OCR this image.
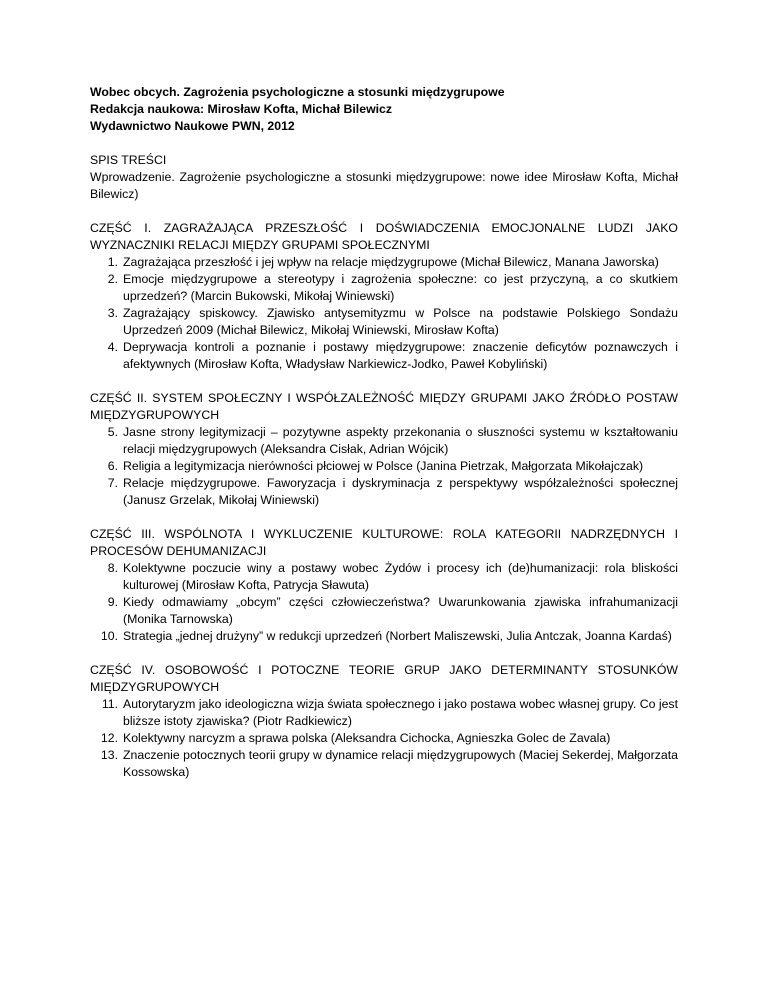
Wobec obcych. Zagrożenia psychologiczne a stosunki międzygrupowe
Redakcja naukowa: Mirosław Kofta, Michał Bilewicz
Wydawnictwo Naukowe PWN, 2012
SPIS TREŚCI
Wprowadzenie. Zagrożenie psychologiczne a stosunki międzygrupowe: nowe idee Mirosław Kofta, Michał Bilewicz)
CZĘŚĆ I. ZAGRAŻAJĄCA PRZESZŁOŚĆ I DOŚWIADCZENIA EMOCJONALNE LUDZI JAKO WYZNACZNIKI RELACJI MIĘDZY GRUPAMI SPOŁECZNYMI
1. Zagrażająca przeszłość i jej wpływ na relacje międzygrupowe (Michał Bilewicz, Manana Jaworska)
2. Emocje międzygrupowe a stereotypy i zagrożenia społeczne: co jest przyczyną, a co skutkiem uprzedzeń? (Marcin Bukowski, Mikołaj Winiewski)
3. Zagrażający spiskowcy. Zjawisko antysemityzmu w Polsce na podstawie Polskiego Sondażu Uprzedzeń 2009 (Michał Bilewicz, Mikołaj Winiewski, Mirosław Kofta)
4. Deprywacja kontroli a poznanie i postawy międzygrupowe: znaczenie deficytów poznawczych i afektywnych (Mirosław Kofta, Władysław Narkiewicz-Jodko, Paweł Kobyliński)
CZĘŚĆ II. SYSTEM SPOŁECZNY I WSPÓŁZALEŻNOŚĆ MIĘDZY GRUPAMI JAKO ŹRÓDŁO POSTAW MIĘDZYGRUPOWYCH
5. Jasne strony legitymizacji – pozytywne aspekty przekonania o słuszności systemu w kształtowaniu relacji międzygrupowych (Aleksandra Cisłak, Adrian Wójcik)
6. Religia a legitymizacja nierówności płciowej w Polsce (Janina Pietrzak, Małgorzata Mikołajczak)
7. Relacje międzygrupowe. Faworyzacja i dyskryminacja z perspektywy współzależności społecznej (Janusz Grzelak, Mikołaj Winiewski)
CZĘŚĆ III. WSPÓLNOTA I WYKLUCZENIE KULTUROWE: ROLA KATEGORII NADRZĘDNYCH I PROCESÓW DEHUMANIZACJI
8. Kolektywne poczucie winy a postawy wobec Żydów i procesy ich (de)humanizacji: rola bliskości kulturowej (Mirosław Kofta, Patrycja Sławuta)
9. Kiedy odmawiamy „obcym” części człowieczeństwa? Uwarunkowania zjawiska infrahumanizacji (Monika Tarnowska)
10. Strategia „jednej drużyny” w redukcji uprzedzeń (Norbert Maliszewski, Julia Antczak, Joanna Kardaś)
CZĘŚĆ IV. OSOBOWOŚĆ I POTOCZNE TEORIE GRUP JAKO DETERMINANTY STOSUNKÓW MIĘDZYGRUPOWYCH
11. Autorytaryzm jako ideologiczna wizja świata społecznego i jako postawa wobec własnej grupy. Co jest bliższe istoty zjawiska? (Piotr Radkiewicz)
12. Kolektywny narcyzm a sprawa polska (Aleksandra Cichocka, Agnieszka Golec de Zavala)
13. Znaczenie potocznych teorii grupy w dynamice relacji międzygrupowych (Maciej Sekerdej, Małgorzata Kossowska)
